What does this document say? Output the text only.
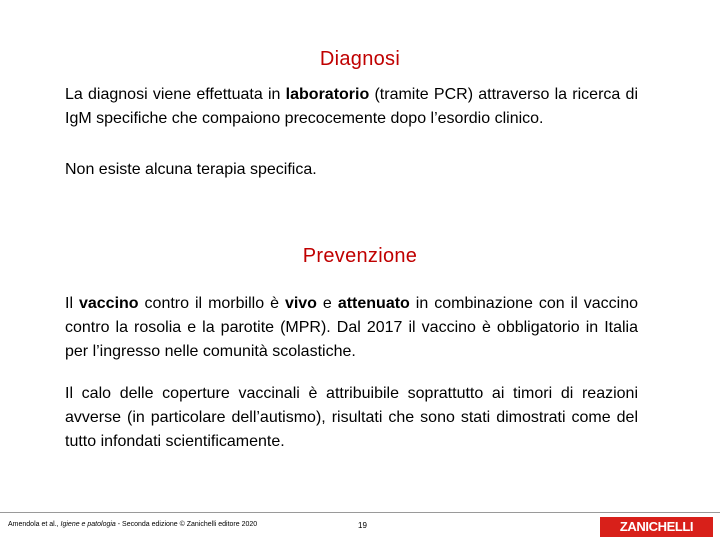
Diagnosi
La diagnosi viene effettuata in laboratorio (tramite PCR) attraverso la ricerca di IgM specifiche che compaiono precocemente dopo l’esordio clinico.
Non esiste alcuna terapia specifica.
Prevenzione
Il vaccino contro il morbillo è vivo e attenuato in combinazione con il vaccino contro la rosolia e la parotite (MPR). Dal 2017 il vaccino è obbligatorio in Italia per l’ingresso nelle comunità scolastiche.
Il calo delle coperture vaccinali è attribuibile soprattutto ai timori di reazioni avverse (in particolare dell’autismo), risultati che sono stati dimostrati come del tutto infondati scientificamente.
Amendola et al., Igiene e patologia - Seconda edizione © Zanichelli editore 2020	19	ZANICHELLI
